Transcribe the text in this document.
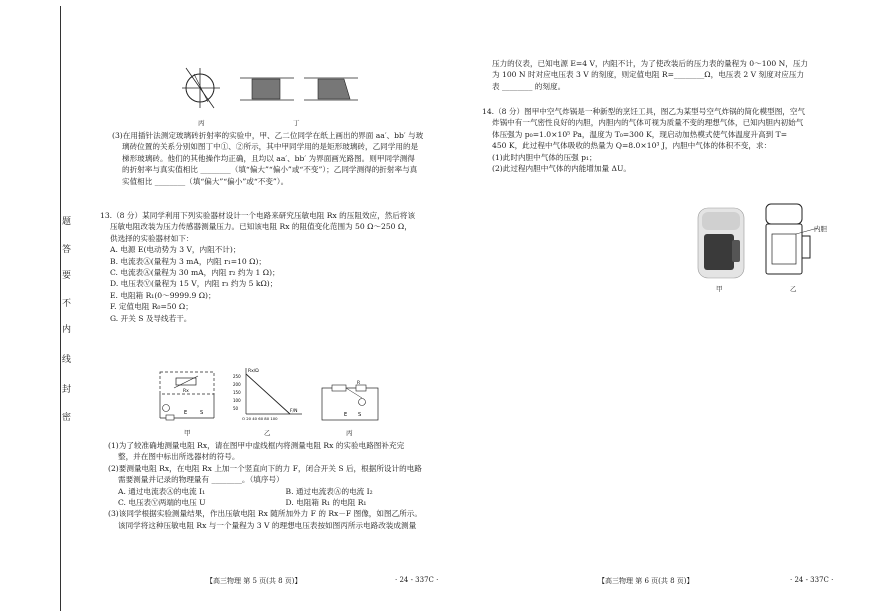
题
答
要
不
内
线
封
密
丙	丁

(3)在用插针法测定玻璃砖折射率的实验中，甲、乙二位同学在纸上画出的界面 aa′、bb′ 与玻

璃砖位置的关系分别如图丁中①、②所示，其中甲同学用的是矩形玻璃砖，乙同学用的是

梯形玻璃砖。他们的其他操作均正确，且均以 aa′、bb′ 为界面画光路图。则甲同学测得

的折射率与真实值相比 ________（填“偏大”“偏小”或“不变”）；乙同学测得的折射率与真

实值相比 ________（填“偏大”“偏小”或“不变”）。

13.（8 分）某同学利用下列实验器材设计一个电路来研究压敏电阻 Rx 的压阻效应，然后将该

压敏电阻改装为压力传感器测量压力。已知该电阻 Rx 的阻值变化范围为 50 Ω～250 Ω，

供选择的实验器材如下：

A. 电源 E(电动势为 3 V，内阻不计)；

B. 电流表Ⓐ(量程为 3 mA，内阻 r₁=10 Ω)；

C. 电流表Ⓐ(量程为 30 mA，内阻 r₂ 约为 1 Ω)；

D. 电压表Ⓥ(量程为 15 V，内阻 r₃ 约为 5 kΩ)；

E. 电阻箱 R₁(0～9999.9 Ω)；

F. 定值电阻 R₀=50 Ω；

G. 开关 S 及导线若干。

Rx
E	S
甲
Rx/Ω
250
200
150
100
50
O 20 40 60 80 100
F/N
乙
R
E S
丙

(1)为了较准确地测量电阻 Rx，请在图甲中虚线框内将测量电阻 Rx 的实验电路图补充完

整，并在图中标出所选器材的符号。

(2)要测量电阻 Rx，在电阻 Rx 上加一个竖直向下的力 F，闭合开关 S 后，根据所设计的电路

需要测量并记录的物理量有 ________。（填序号）

A. 通过电流表Ⓐ的电流 I₁	B. 通过电流表Ⓐ的电流 I₂
C. 电压表Ⓥ两端的电压 U	D. 电阻箱 R₁ 的电阻 R₁

(3)该同学根据实验测量结果，作出压敏电阻 Rx 随所加外力 F 的 Rx－F 图像，如图乙所示。

该同学将这种压敏电阻 Rx 与一个量程为 3 V 的理想电压表按如图丙所示电路改装成测量

【高三物理 第 5 页(共 8 页)】	· 24 - 337C ·

压力的仪表，已知电源 E=4 V，内阻不计，为了使改装后的压力表的量程为 0～100 N，压力

为 100 N 时对应电压表 3 V 的刻度，则定值电阻 R=________Ω，电压表 2 V 刻度对应压力

表 ________ 的刻度。

14.（8 分）图甲中空气炸锅是一种新型的烹饪工具，图乙为某型号空气炸锅的简化模型图，空气

炸锅中有一气密性良好的内胆，内胆内的气体可视为质量不变的理想气体，已知内胆内初始气

体压强为 p₀=1.0×10⁵ Pa，温度为 T₀=300 K，现启动加热模式使气体温度升高到 T=

450 K，此过程中气体吸收的热量为 Q=8.0×10³ J，内胆中气体的体积不变，求：

(1)此时内胆中气体的压强 p₁；

(2)此过程内胆中气体的内能增加量 ΔU。

甲
内胆
乙
【高三物理 第 6 页(共 8 页)】	· 24 - 337C ·
